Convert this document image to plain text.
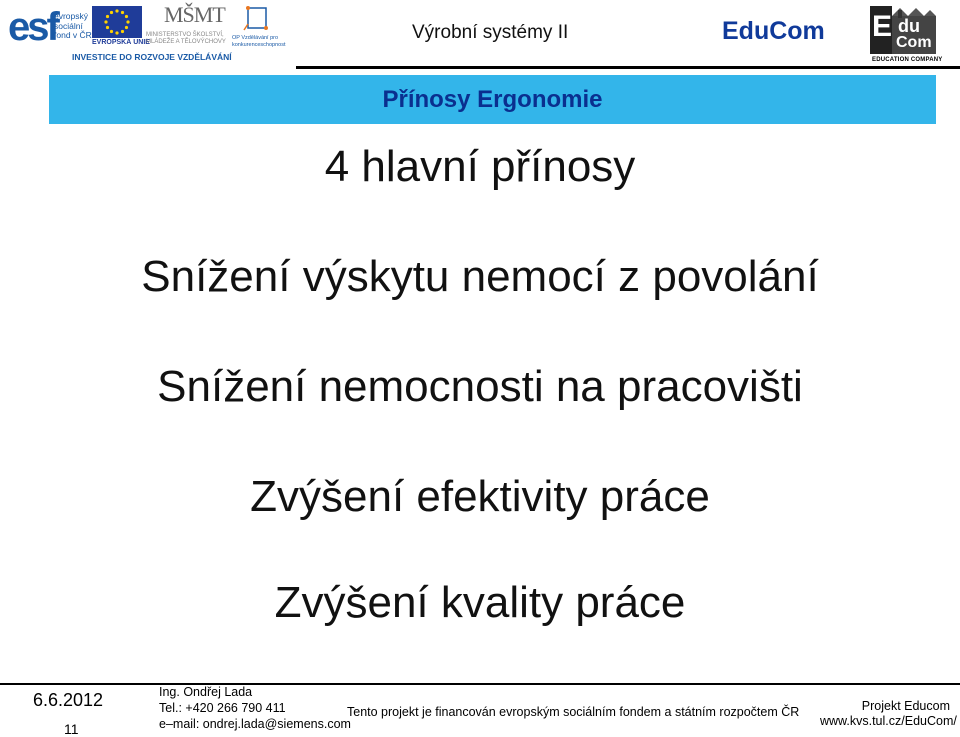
esf
evropský
sociální
fond v ČR
EVROPSKÁ UNIE
MŠMT
MINISTERSTVO ŠKOLSTVÍ, MLÁDEŽE A TĚLOVÝCHOVY
OP Vzdělávání pro konkurenceschopnost
INVESTICE DO ROZVOJE VZDĚLÁVÁNÍ
Výrobní systémy II	EduCom E du
Com
EDUCATION COMPANY
Přínosy Ergonomie
4 hlavní přínosy
Snížení výskytu nemocí z povolání
Snížení nemocnosti na pracovišti
Zvýšení efektivity práce
Zvýšení kvality práce
6.6.2012
11
Ing. Ondřej Lada
Tel.: +420 266 790 411
e–mail: ondrej.lada@siemens.com
Tento projekt je financován evropským sociálním fondem a státním rozpočtem ČR	Projekt Educom
www.kvs.tul.cz/EduCom/
